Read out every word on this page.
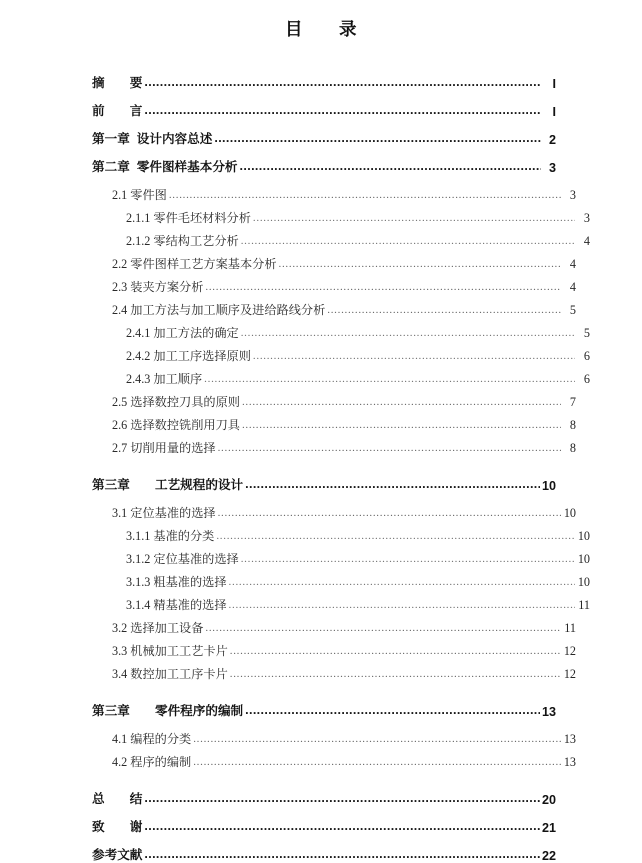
目　　录
摘　　要 .....	I
前　　言 .....	I
第一章  设计内容总述 .....	2
第二章  零件图样基本分析 .....	3
2.1 零件图 .....	3
2.1.1 零件毛坯材料分析 .....	3
2.1.2 零结构工艺分析 .....	4
2.2 零件图样工艺方案基本分析 .....	4
2.3 装夹方案分析 .....	4
2.4 加工方法与加工顺序及进给路线分析 .....	5
2.4.1 加工方法的确定 .....	5
2.4.2 加工工序选择原则 .....	6
2.4.3 加工顺序 .....	6
2.5 选择数控刀具的原则 .....	7
2.6 选择数控铣削用刀具 .....	8
2.7 切削用量的选择 .....	8
第三章　　工艺规程的设计 .....	10
3.1 定位基准的选择 .....	10
3.1.1 基准的分类 .....	10
3.1.2 定位基准的选择 .....	10
3.1.3 粗基准的选择 .....	10
3.1.4 精基准的选择 .....	11
3.2 选择加工设备 .....	11
3.3 机械加工工艺卡片 .....	12
3.4 数控加工工序卡片 .....	12
第三章　　零件程序的编制 .....	13
4.1 编程的分类 .....	13
4.2 程序的编制 .....	13
总　　结 .....	20
致　　谢 .....	21
参考文献 .....	22
